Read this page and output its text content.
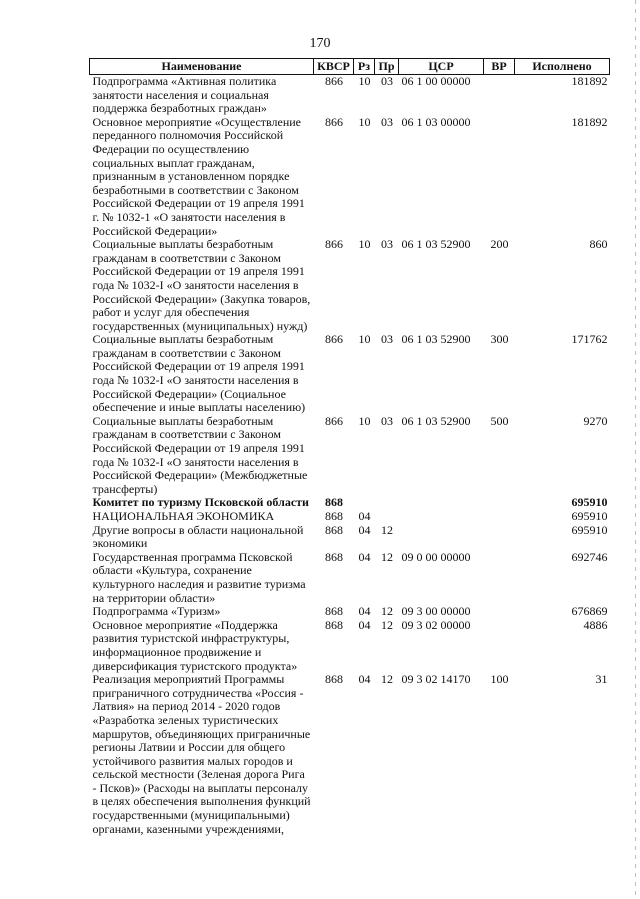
170
Наименование	КВСР	Рз	Пр	ЦСР	ВР	Исполнено
Подпрограмма «Активная политика занятости населения и социальная поддержка безработных граждан»	866	10	03	06 1 00 00000		181892
Основное мероприятие «Осуществление переданного полномочия Российской Федерации по осуществлению социальных выплат гражданам, признанным в установленном порядке безработными в соответствии с Законом Российской Федерации от 19 апреля 1991 г. № 1032-1 «О занятости населения в Российской Федерации»	866	10	03	06 1 03 00000		181892
Социальные выплаты безработным гражданам в соответствии с Законом Российской Федерации от 19 апреля 1991 года № 1032-I «О занятости населения в Российской Федерации» (Закупка товаров, работ и услуг для обеспечения государственных (муниципальных) нужд)	866	10	03	06 1 03 52900	200	860
Социальные выплаты безработным гражданам в соответствии с Законом Российской Федерации от 19 апреля 1991 года № 1032-I «О занятости населения в Российской Федерации» (Социальное обеспечение и иные выплаты населению)	866	10	03	06 1 03 52900	300	171762
Социальные выплаты безработным гражданам в соответствии с Законом Российской Федерации от 19 апреля 1991 года № 1032-I «О занятости населения в Российской Федерации» (Межбюджетные трансферты)	866	10	03	06 1 03 52900	500	9270
Комитет по туризму Псковской области	868					695910
НАЦИОНАЛЬНАЯ ЭКОНОМИКА	868	04				695910
Другие вопросы в области национальной экономики	868	04	12			695910
Государственная программа Псковской области «Культура, сохранение культурного наследия и развитие туризма на территории области»	868	04	12	09 0 00 00000		692746
Подпрограмма «Туризм»	868	04	12	09 3 00 00000		676869
Основное мероприятие «Поддержка развития туристской инфраструктуры, информационное продвижение и диверсификация туристского продукта»	868	04	12	09 3 02 00000		4886
Реализация мероприятий Программы приграничного сотрудничества «Россия - Латвия» на период 2014 - 2020 годов «Разработка зеленых туристических маршрутов, объединяющих приграничные регионы Латвии и России для общего устойчивого развития малых городов и сельской местности (Зеленая дорога Рига - Псков)» (Расходы на выплаты персоналу в целях обеспечения выполнения функций государственными (муниципальными) органами, казенными учреждениями,	868	04	12	09 3 02 14170	100	31
